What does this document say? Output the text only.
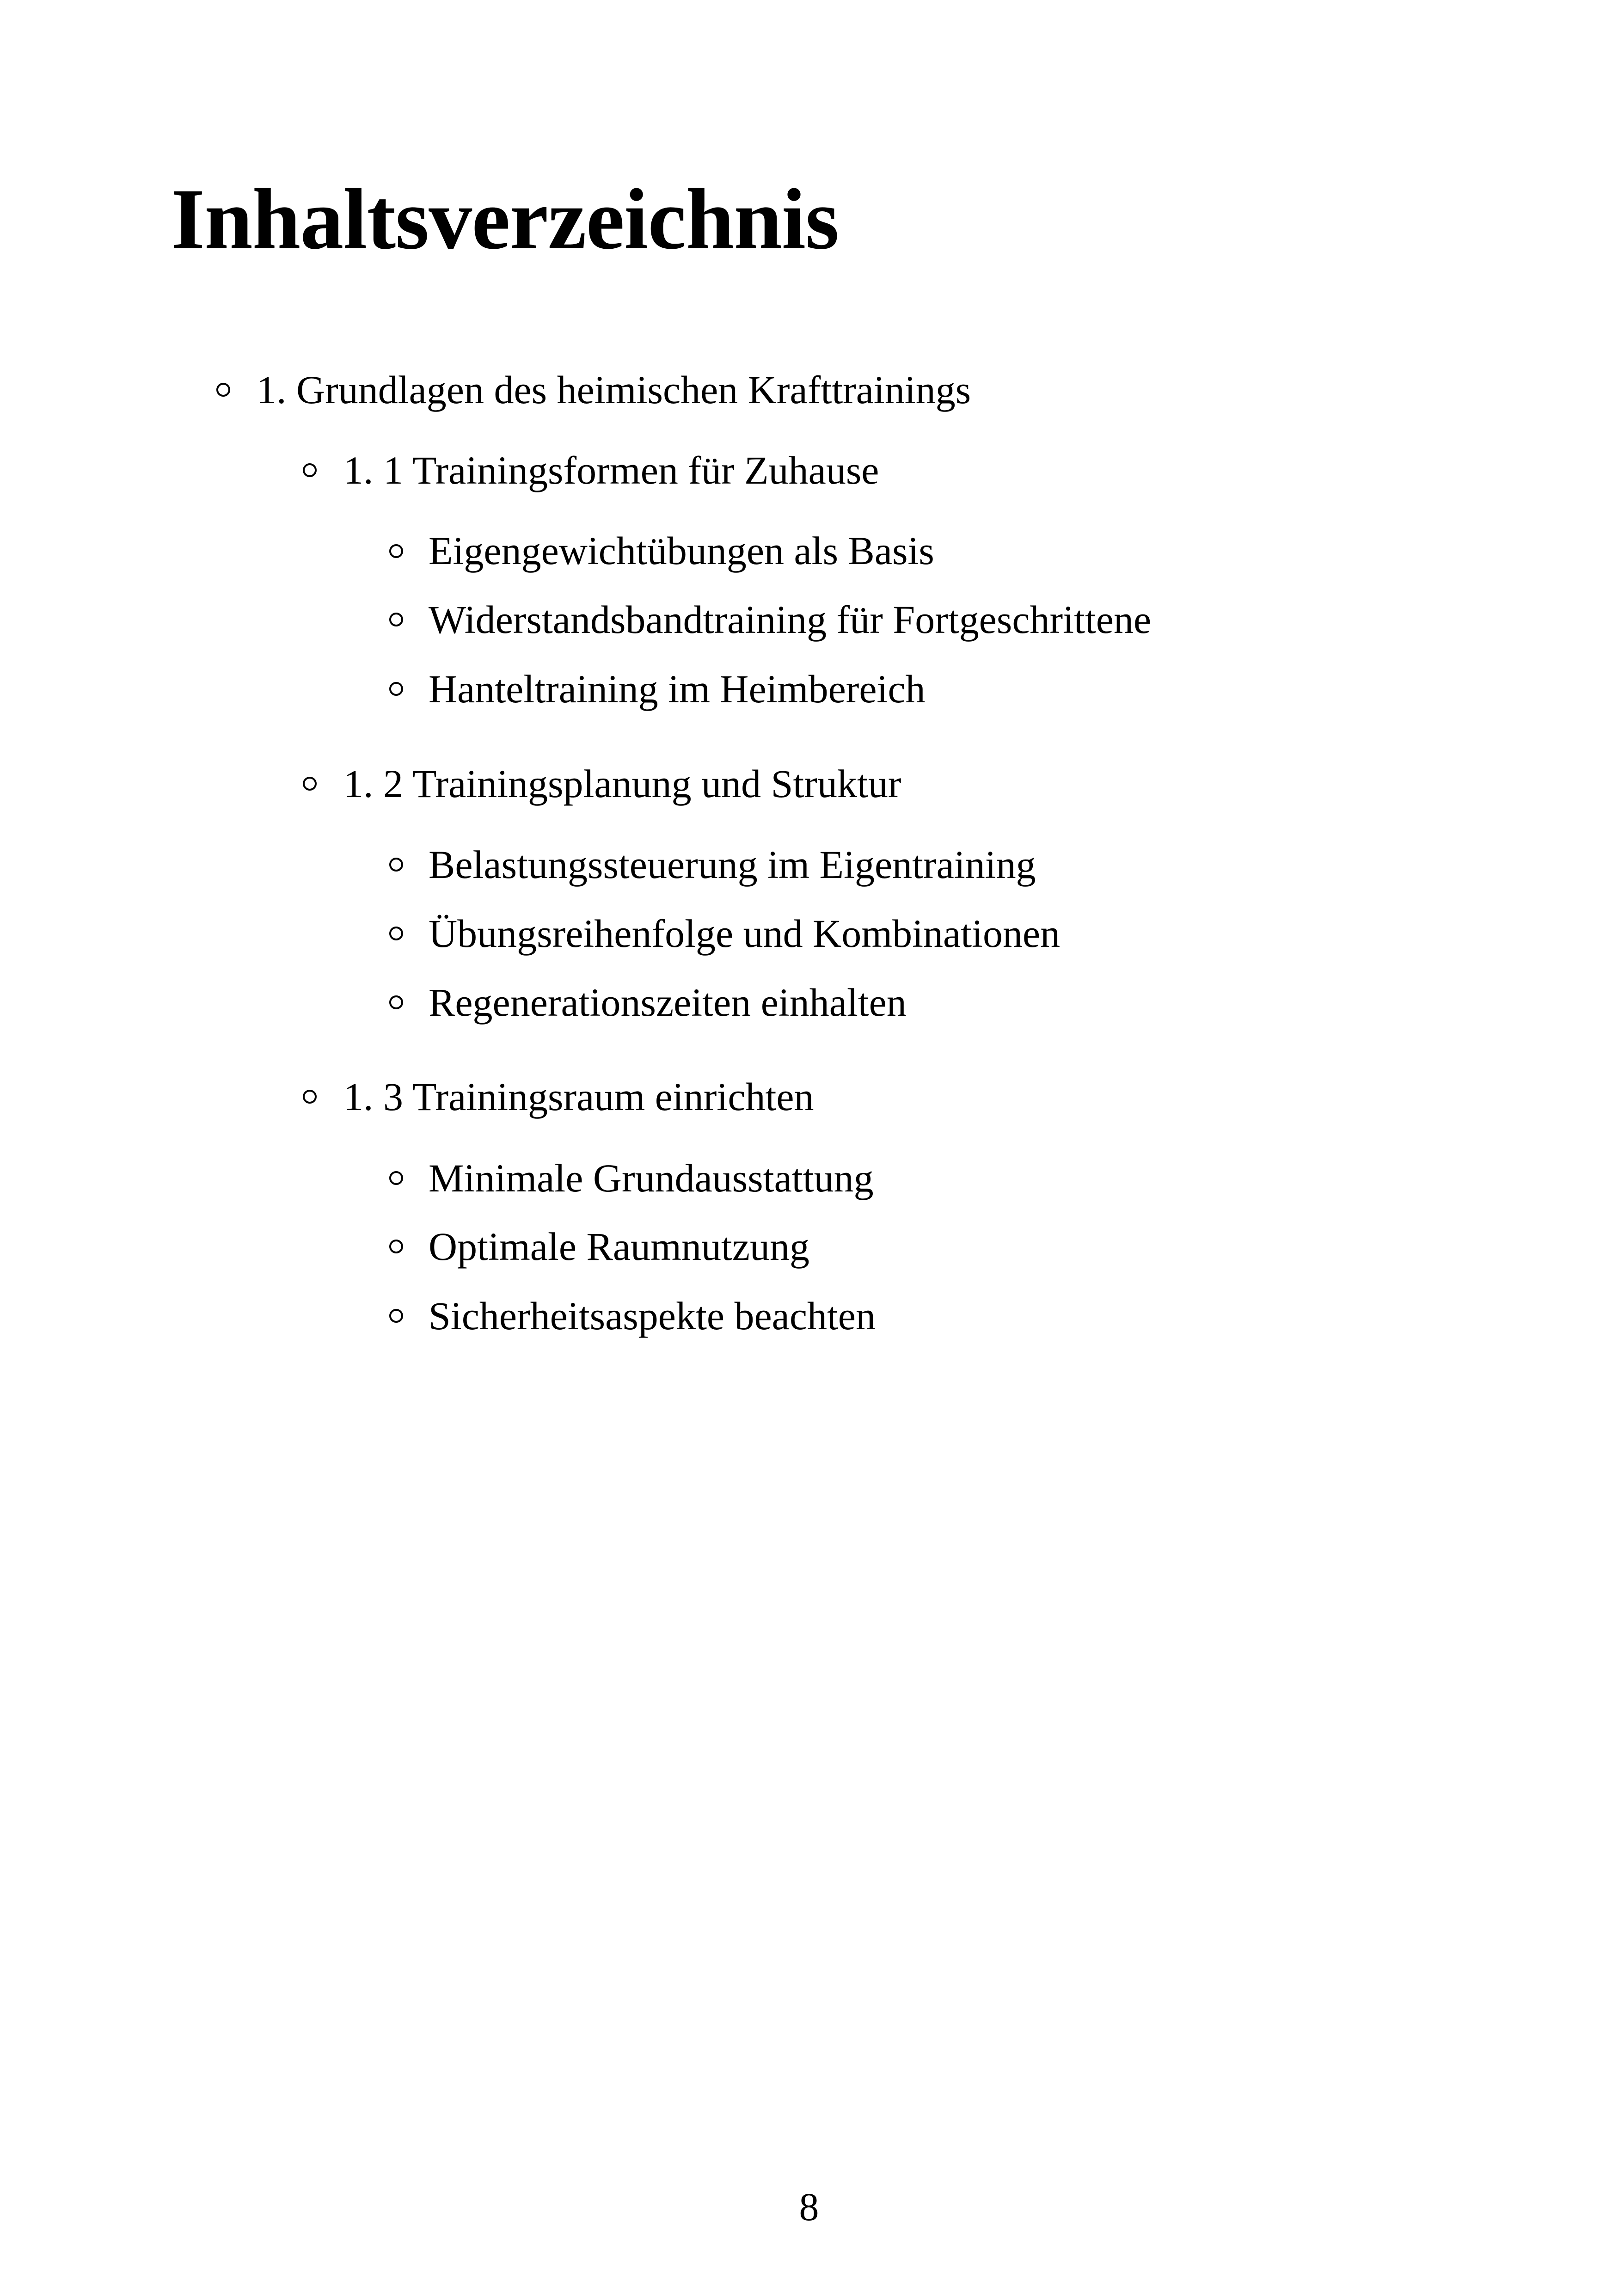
Inhaltsverzeichnis
1. Grundlagen des heimischen Krafttrainings
1. 1 Trainingsformen für Zuhause
Eigengewichtübungen als Basis
Widerstandsbandtraining für Fortgeschrittene
Hanteltraining im Heimbereich
1. 2 Trainingsplanung und Struktur
Belastungssteuerung im Eigentraining
Übungsreihenfolge und Kombinationen
Regenerationszeiten einhalten
1. 3 Trainingsraum einrichten
Minimale Grundausstattung
Optimale Raumnutzung
Sicherheitsaspekte beachten
8
